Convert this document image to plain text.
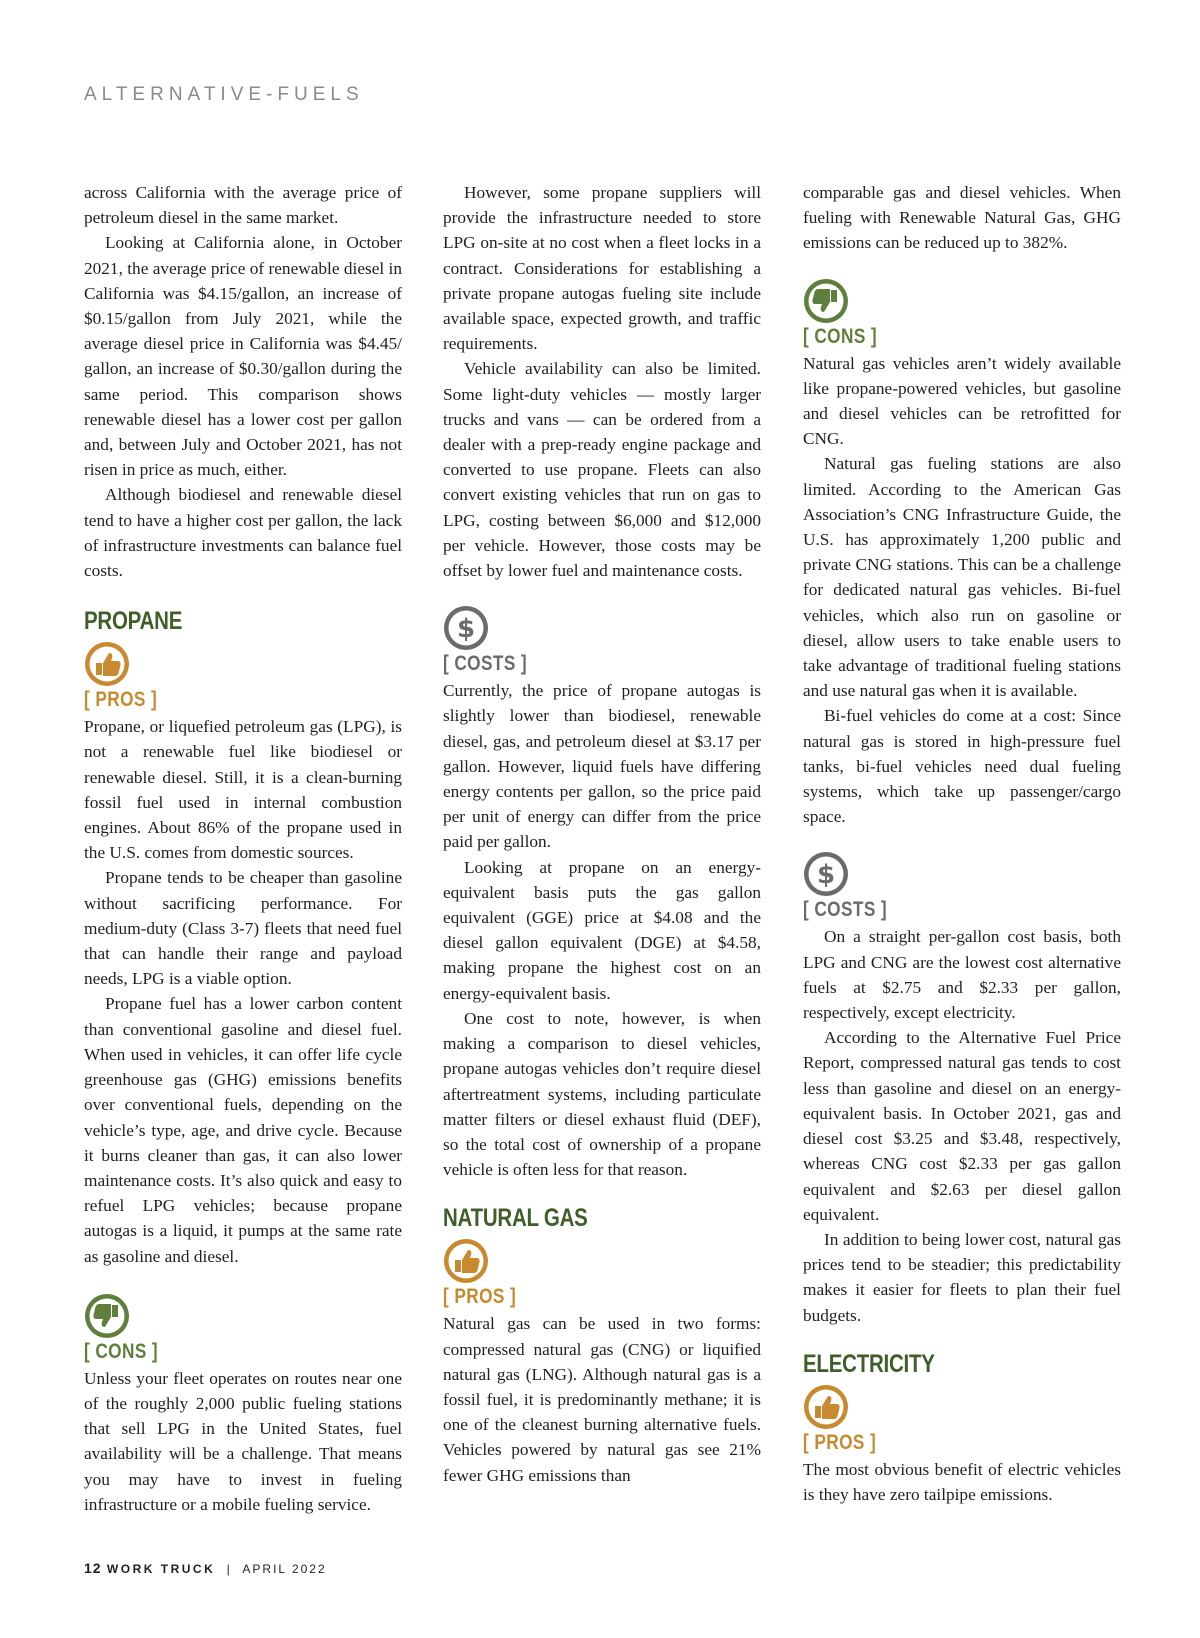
ALTERNATIVE-FUELS

across California with the average price of petroleum diesel in the same market.

Looking at California alone, in October 2021, the average price of renewable diesel in California was $4.15/gallon, an increase of $0.15/gallon from July 2021, while the average diesel price in California was $4.45/ gallon, an increase of $0.30/gallon during the same period. This comparison shows renewable diesel has a lower cost per gallon and, between July and October 2021, has not risen in price as much, either.

Although biodiesel and renewable diesel tend to have a higher cost per gallon, the lack of infrastructure investments can balance fuel costs.

PROPANE
[ PROS ]

Propane, or liquefied petroleum gas (LPG), is not a renewable fuel like biodiesel or renewable diesel. Still, it is a clean-burning fossil fuel used in internal combustion engines. About 86% of the propane used in the U.S. comes from domestic sources.

Propane tends to be cheaper than gasoline without sacrificing performance. For medium-duty (Class 3-7) fleets that need fuel that can handle their range and payload needs, LPG is a viable option.

Propane fuel has a lower carbon content than conventional gasoline and diesel fuel. When used in vehicles, it can offer life cycle greenhouse gas (GHG) emissions benefits over conventional fuels, depending on the vehicle’s type, age, and drive cycle. Because it burns cleaner than gas, it can also lower maintenance costs. It’s also quick and easy to refuel LPG vehicles; because propane autogas is a liquid, it pumps at the same rate as gasoline and diesel.

[ CONS ]

Unless your fleet operates on routes near one of the roughly 2,000 public fueling stations that sell LPG in the United States, fuel availability will be a challenge. That means you may have to invest in fueling infrastructure or a mobile fueling service.

However, some propane suppliers will provide the infrastructure needed to store LPG on-site at no cost when a fleet locks in a contract. Considerations for establishing a private propane autogas fueling site include available space, expected growth, and traffic requirements.

Vehicle availability can also be limited. Some light-duty vehicles — mostly larger trucks and vans — can be ordered from a dealer with a prep-ready engine package and converted to use propane. Fleets can also convert existing vehicles that run on gas to LPG, costing between $6,000 and $12,000 per vehicle. However, those costs may be offset by lower fuel and maintenance costs.

$
[ COSTS ]

Currently, the price of propane autogas is slightly lower than biodiesel, renewable diesel, gas, and petroleum diesel at $3.17 per gallon. However, liquid fuels have differing energy contents per gallon, so the price paid per unit of energy can differ from the price paid per gallon.

Looking at propane on an energy-equivalent basis puts the gas gallon equivalent (GGE) price at $4.08 and the diesel gallon equivalent (DGE) at $4.58, making propane the highest cost on an energy-equivalent basis.

One cost to note, however, is when making a comparison to diesel vehicles, propane autogas vehicles don’t require diesel aftertreatment systems, including particulate matter filters or diesel exhaust fluid (DEF), so the total cost of ownership of a propane vehicle is often less for that reason.

NATURAL GAS
[ PROS ]

Natural gas can be used in two forms: compressed natural gas (CNG) or liquified natural gas (LNG). Although natural gas is a fossil fuel, it is predominantly methane; it is one of the cleanest burning alternative fuels. Vehicles powered by natural gas see 21% fewer GHG emissions than

comparable gas and diesel vehicles. When fueling with Renewable Natural Gas, GHG emissions can be reduced up to 382%.

[ CONS ]

Natural gas vehicles aren’t widely available like propane-powered vehicles, but gasoline and diesel vehicles can be retrofitted for CNG.

Natural gas fueling stations are also limited. According to the American Gas Association’s CNG Infrastructure Guide, the U.S. has approximately 1,200 public and private CNG stations. This can be a challenge for dedicated natural gas vehicles. Bi-fuel vehicles, which also run on gasoline or diesel, allow users to take enable users to take advantage of traditional fueling stations and use natural gas when it is available.

Bi-fuel vehicles do come at a cost: Since natural gas is stored in high-pressure fuel tanks, bi-fuel vehicles need dual fueling systems, which take up passenger/cargo space.

$
[ COSTS ]

On a straight per-gallon cost basis, both LPG and CNG are the lowest cost alternative fuels at $2.75 and $2.33 per gallon, respectively, except electricity.

According to the Alternative Fuel Price Report, compressed natural gas tends to cost less than gasoline and diesel on an energy-equivalent basis. In October 2021, gas and diesel cost $3.25 and $3.48, respectively, whereas CNG cost $2.33 per gas gallon equivalent and $2.63 per diesel gallon equivalent.

In addition to being lower cost, natural gas prices tend to be steadier; this predictability makes it easier for fleets to plan their fuel budgets.

ELECTRICITY
[ PROS ]

The most obvious benefit of electric vehicles is they have zero tailpipe emissions.

12 WORK TRUCK | APRIL 2022
